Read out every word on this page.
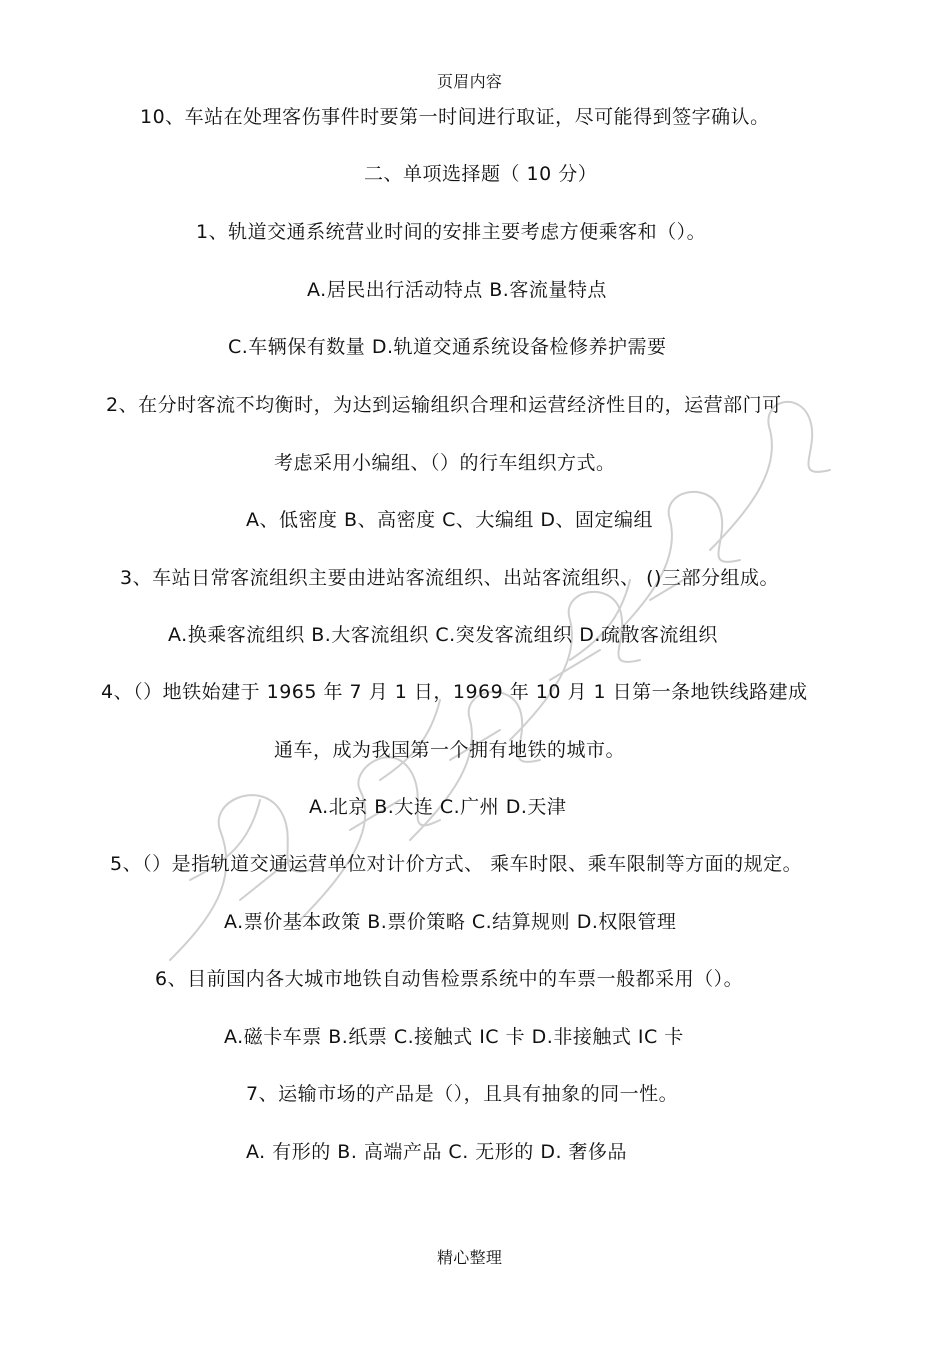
页眉内容
10、车站在处理客伤事件时要第一时间进行取证，尽可能得到签字确认。
二、单项选择题（ 10 分）
1、轨道交通系统营业时间的安排主要考虑方便乘客和（）。
A.居民出行活动特点 B.客流量特点
C.车辆保有数量 D.轨道交通系统设备检修养护需要
2、在分时客流不均衡时，为达到运输组织合理和运营经济性目的，运营部门可
考虑采用小编组、（）的行车组织方式。
A、低密度 B、高密度 C、大编组 D、固定编组
3、车站日常客流组织主要由进站客流组织、出站客流组织、 ()三部分组成。
A.换乘客流组织 B.大客流组织 C.突发客流组织 D.疏散客流组织
4、（）地铁始建于 1965 年 7 月 1 日，1969 年 10 月 1 日第一条地铁线路建成
通车，成为我国第一个拥有地铁的城市。
A.北京 B.大连 C.广州 D.天津
5、（）是指轨道交通运营单位对计价方式、 乘车时限、乘车限制等方面的规定。
A.票价基本政策 B.票价策略 C.结算规则 D.权限管理
6、目前国内各大城市地铁自动售检票系统中的车票一般都采用（）。
A.磁卡车票 B.纸票 C.接触式 IC 卡 D.非接触式 IC 卡
7、运输市场的产品是（），且具有抽象的同一性。
A. 有形的 B. 高端产品 C. 无形的 D. 奢侈品
精心整理
